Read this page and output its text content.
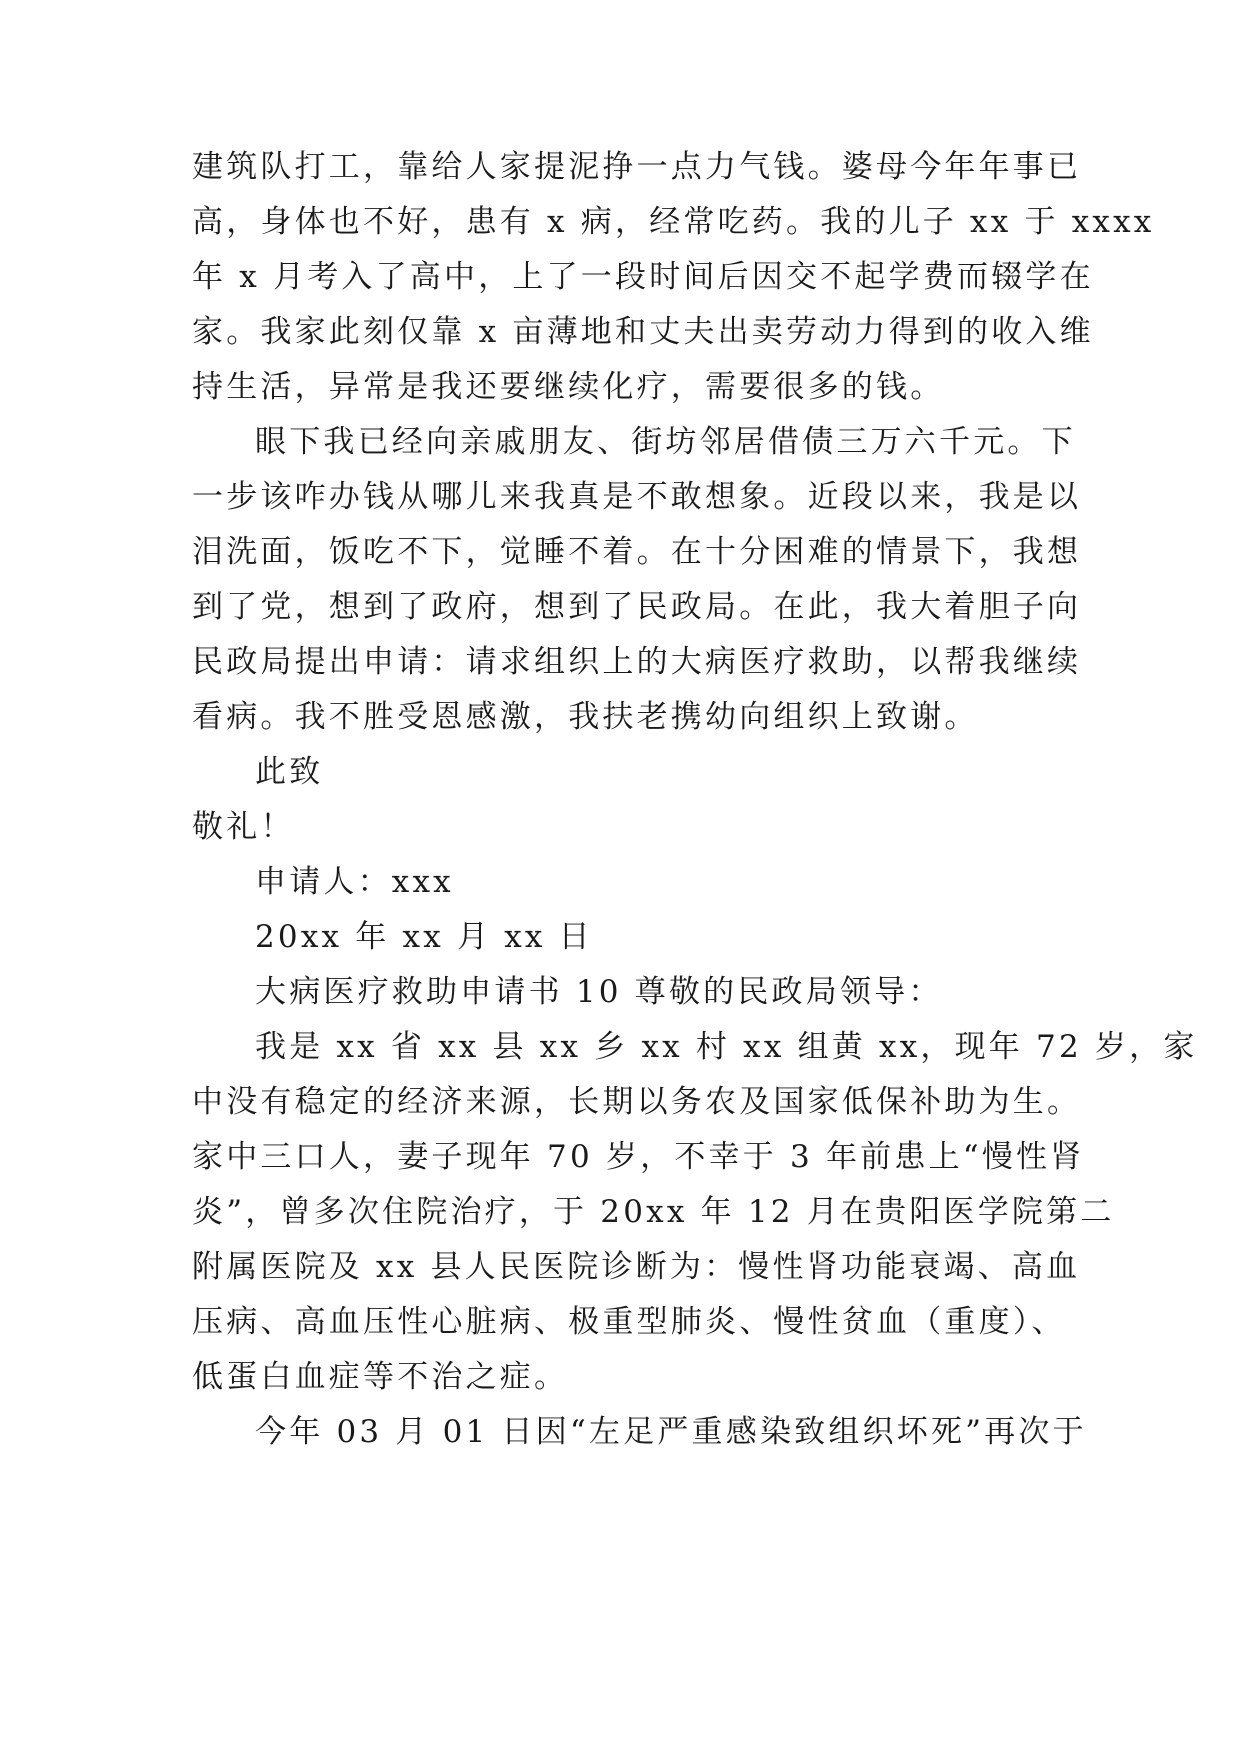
建筑队打工，靠给人家提泥挣一点力气钱。婆母今年年事已
高，身体也不好，患有 x 病，经常吃药。我的儿子 xx 于 xxxx
年 x 月考入了高中，上了一段时间后因交不起学费而辍学在
家。我家此刻仅靠 x 亩薄地和丈夫出卖劳动力得到的收入维
持生活，异常是我还要继续化疗，需要很多的钱。
眼下我已经向亲戚朋友、街坊邻居借债三万六千元。下
一步该咋办钱从哪儿来我真是不敢想象。近段以来，我是以
泪洗面，饭吃不下，觉睡不着。在十分困难的情景下，我想
到了党，想到了政府，想到了民政局。在此，我大着胆子向
民政局提出申请：请求组织上的大病医疗救助，以帮我继续
看病。我不胜受恩感激，我扶老携幼向组织上致谢。
此致
敬礼！
申请人：xxx
20xx 年 xx 月 xx 日
大病医疗救助申请书 10 尊敬的民政局领导：
我是 xx 省 xx 县 xx 乡 xx 村 xx 组黄 xx，现年 72 岁，家
中没有稳定的经济来源，长期以务农及国家低保补助为生。
家中三口人，妻子现年 70 岁，不幸于 3 年前患上“慢性肾
炎”，曾多次住院治疗，于 20xx 年 12 月在贵阳医学院第二
附属医院及 xx 县人民医院诊断为：慢性肾功能衰竭、高血
压病、高血压性心脏病、极重型肺炎、慢性贫血（重度）、
低蛋白血症等不治之症。
今年 03 月 01 日因“左足严重感染致组织坏死”再次于
